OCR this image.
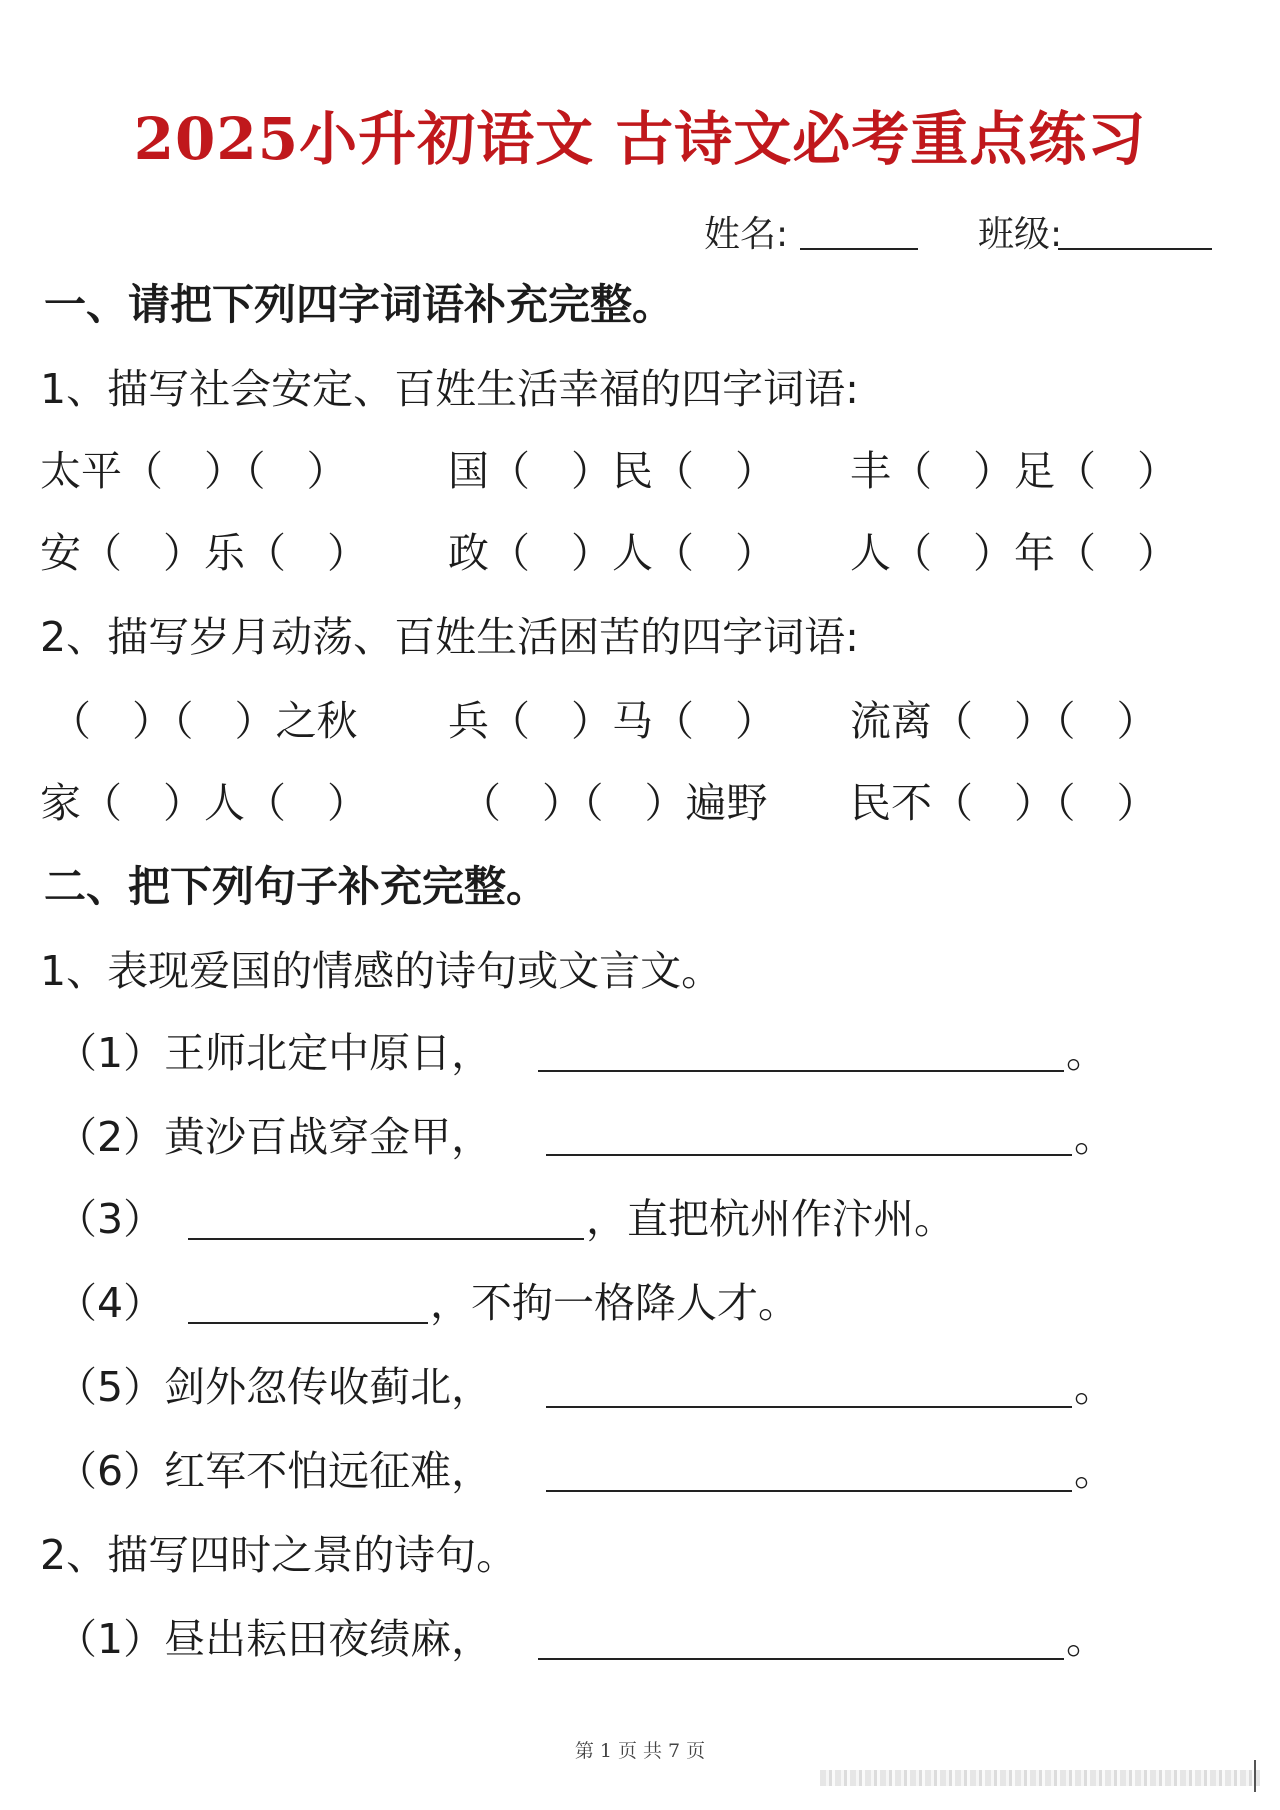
2025小升初语文 古诗文必考重点练习
姓名:	班级:
一、请把下列四字词语补充完整。
1、描写社会安定、百姓生活幸福的四字词语:
太平（　）（　） 国（　）民（　） 丰（　）足（　）
安（　）乐（　） 政（　）人（　） 人（　）年（　）
2、描写岁月动荡、百姓生活困苦的四字词语:
（　）（　）之秋 兵（　）马（　） 流离（　）（　）
家（　）人（　） （　）（　）遍野 民不（　）（　）
二、把下列句子补充完整。
1、表现爱国的情感的诗句或文言文。
（1）王师北定中原日，	。
（2）黄沙百战穿金甲，	。
（3）	，直把杭州作汴州。
（4）	，不拘一格降人才。
（5）剑外忽传收蓟北，	。
（6）红军不怕远征难，	。
2、描写四时之景的诗句。
（1）昼出耘田夜绩麻，	。
第 1 页 共 7 页
